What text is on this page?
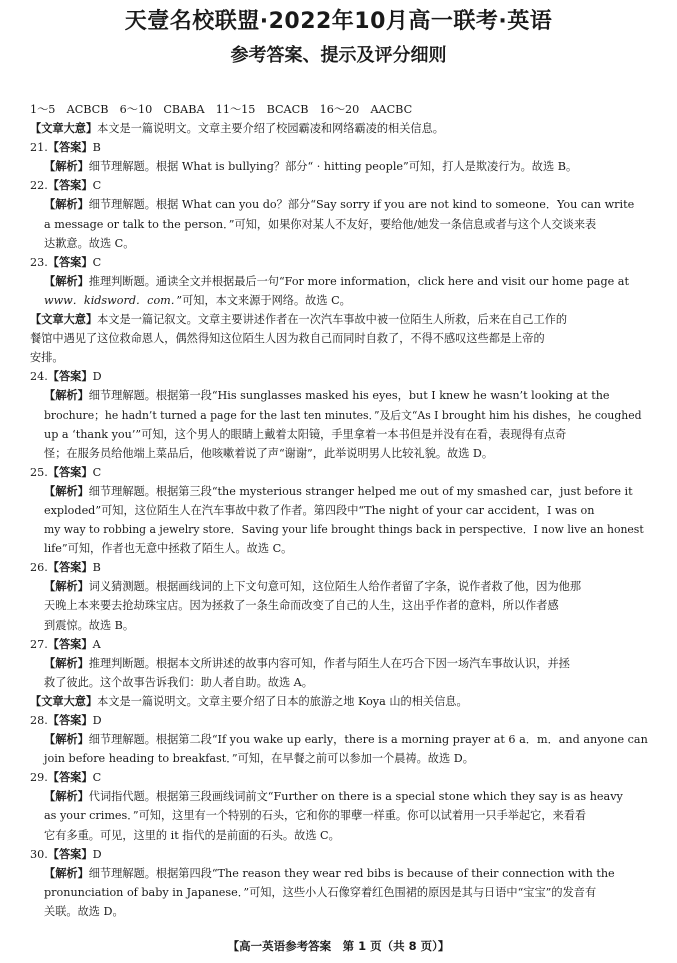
天壹名校联盟·2022年10月高一联考·英语
参考答案、提示及评分细则
1～5　ACBCB　6～10　CBABA　11～15　BCACB　16～20　AACBC
【文章大意】本文是一篇说明文。文章主要介绍了校园霸凌和网络霸凌的相关信息。
21.【答案】B
【解析】细节理解题。根据 What is bullying？部分“ · hitting people”可知，打人是欺凌行为。故选 B。
22.【答案】C
【解析】细节理解题。根据 What can you do？部分“Say sorry if you are not kind to someone．You can write
a message or talk to the person．”可知，如果你对某人不友好，要给他/她发一条信息或者与这个人交谈来表
达歉意。故选 C。
23.【答案】C
【解析】推理判断题。通读全文并根据最后一句“For more information，click here and visit our home page at
www．kidsword．com．”可知，本文来源于网络。故选 C。
【文章大意】本文是一篇记叙文。文章主要讲述作者在一次汽车事故中被一位陌生人所救，后来在自己工作的
餐馆中遇见了这位救命恩人，偶然得知这位陌生人因为救自己而同时自救了，不得不感叹这些都是上帝的
安排。
24.【答案】D
【解析】细节理解题。根据第一段“His sunglasses masked his eyes，but I knew he wasn’t looking at the
brochure；he hadn’t turned a page for the last ten minutes．”及后文“As I brought him his dishes，he coughed
up a ‘thank you’”可知，这个男人的眼睛上戴着太阳镜，手里拿着一本书但是并没有在看，表现得有点奇
怪；在服务员给他端上菜品后，他咳嗽着说了声“谢谢”，此举说明男人比较礼貌。故选 D。
25.【答案】C
【解析】细节理解题。根据第三段“the mysterious stranger helped me out of my smashed car，just before it
exploded”可知，这位陌生人在汽车事故中救了作者。第四段中“The night of your car accident，I was on
my way to robbing a jewelry store．Saving your life brought things back in perspective．I now live an honest
life”可知，作者也无意中拯救了陌生人。故选 C。
26.【答案】B
【解析】词义猜测题。根据画线词的上下文句意可知，这位陌生人给作者留了字条，说作者救了他，因为他那
天晚上本来要去抢劫珠宝店。因为拯救了一条生命而改变了自己的人生，这出乎作者的意料，所以作者感
到震惊。故选 B。
27.【答案】A
【解析】推理判断题。根据本文所讲述的故事内容可知，作者与陌生人在巧合下因一场汽车事故认识，并拯
救了彼此。这个故事告诉我们：助人者自助。故选 A。
【文章大意】本文是一篇说明文。文章主要介绍了日本的旅游之地 Koya 山的相关信息。
28.【答案】D
【解析】细节理解题。根据第二段“If you wake up early，there is a morning prayer at 6 a．m．and anyone can
join before heading to breakfast．”可知，在早餐之前可以参加一个晨祷。故选 D。
29.【答案】C
【解析】代词指代题。根据第三段画线词前文“Further on there is a special stone which they say is as heavy
as your crimes．”可知，这里有一个特别的石头，它和你的罪孽一样重。你可以试着用一只手举起它，来看看
它有多重。可见，这里的 it 指代的是前面的石头。故选 C。
30.【答案】D
【解析】细节理解题。根据第四段“The reason they wear red bibs is because of their connection with the
pronunciation of baby in Japanese．”可知，这些小人石像穿着红色围裙的原因是其与日语中“宝宝”的发音有
关联。故选 D。
【高一英语参考答案　第 1 页（共 8 页）】
